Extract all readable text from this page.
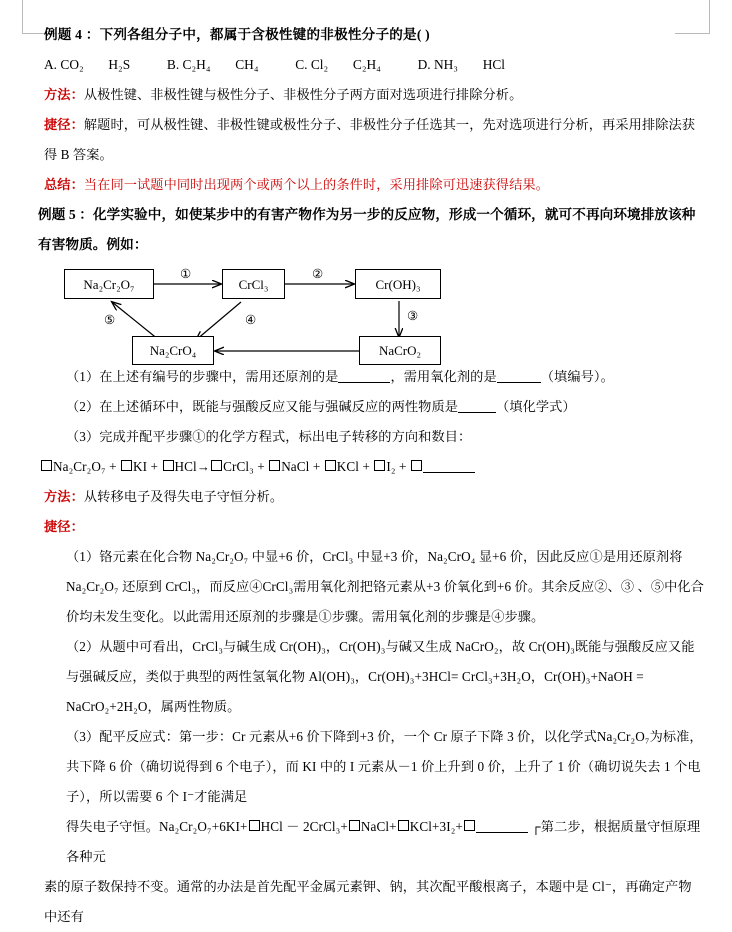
例题 4 ：下列各组分子中，都属于含极性键的非极性分子的是( )
A. CO₂ H₂S	B. C₂H₄ CH₄	C. Cl₂ C₂H₄	D. NH₃ HCl
方法：从极性键、非极性键与极性分子、非极性分子两方面对选项进行排除分析。
捷径：解题时，可从极性键、非极性键或极性分子、非极性分子任选其一，先对选项进行分析，再采用排除法获得 B 答案。
总结：当在同一试题中同时出现两个或两个以上的条件时，采用排除可迅速获得结果。
例题 5 ：化学实验中，如使某步中的有害产物作为另一步的反应物，形成一个循环，就可不再向环境排放该种有害物质。例如：
Na₂Cr₂O₇	CrCl₃	Cr(OH)₃
NaCrO₂
Na₂CrO₄
①	②
③
④
⑤
（1）在上述有编号的步骤中，需用还原剂的是	，需用氧化剂的是	（填编号）。
（2）在上述循环中，既能与强酸反应又能与强碱反应的两性物质是	（填化学式）
（3）完成并配平步骤①的化学方程式，标出电子转移的方向和数目：
Na₂Cr₂O₇ + KI + HCl→ CrCl₃ + NaCl + KCl + I₂ +
方法：从转移电子及得失电子守恒分析。
捷径：
（1）铬元素在化合物 Na₂Cr₂O₇ 中显+6 价，CrCl₃ 中显+3 价，Na₂CrO₄ 显+6 价，因此反应①是用还原剂将 Na₂Cr₂O₇ 还原到 CrCl₃，而反应④CrCl₃需用氧化剂把铬元素从+3 价氧化到+6 价。其余反应②、③ 、⑤中化合价均未发生变化。以此需用还原剂的步骤是①步骤。需用氧化剂的步骤是④步骤。
（2）从题中可看出，CrCl₃与碱生成 Cr(OH)₃，Cr(OH)₃与碱又生成 NaCrO₂，故 Cr(OH)₃既能与强酸反应又能与强碱反应，类似于典型的两性氢氧化物 Al(OH)₃，Cr(OH)₃+3HCl= CrCl₃+3H₂O，Cr(OH)₃+NaOH = NaCrO₂+2H₂O，属两性物质。
（3）配平反应式：第一步：Cr 元素从+6 价下降到+3 价，一个 Cr 原子下降 3 价，以化学式Na₂Cr₂O₇为标准，共下降 6 价（确切说得到 6 个电子），而 KI 中的 I 元素从－1 价上升到 0 价，上升了 1 价（确切说失去 1 个电子），所以需要 6 个 I⁻才能满足
得失电子守恒。Na₂Cr₂O₇+6KI+ HCl － 2CrCl₃+ NaCl+ KCl+3I₂+	┌第二步，根据质量守恒原理各种元
素的原子数保持不变。通常的办法是首先配平金属元素钾、钠，其次配平酸根离子，本题中是 Cl⁻，再确定产物中还有
